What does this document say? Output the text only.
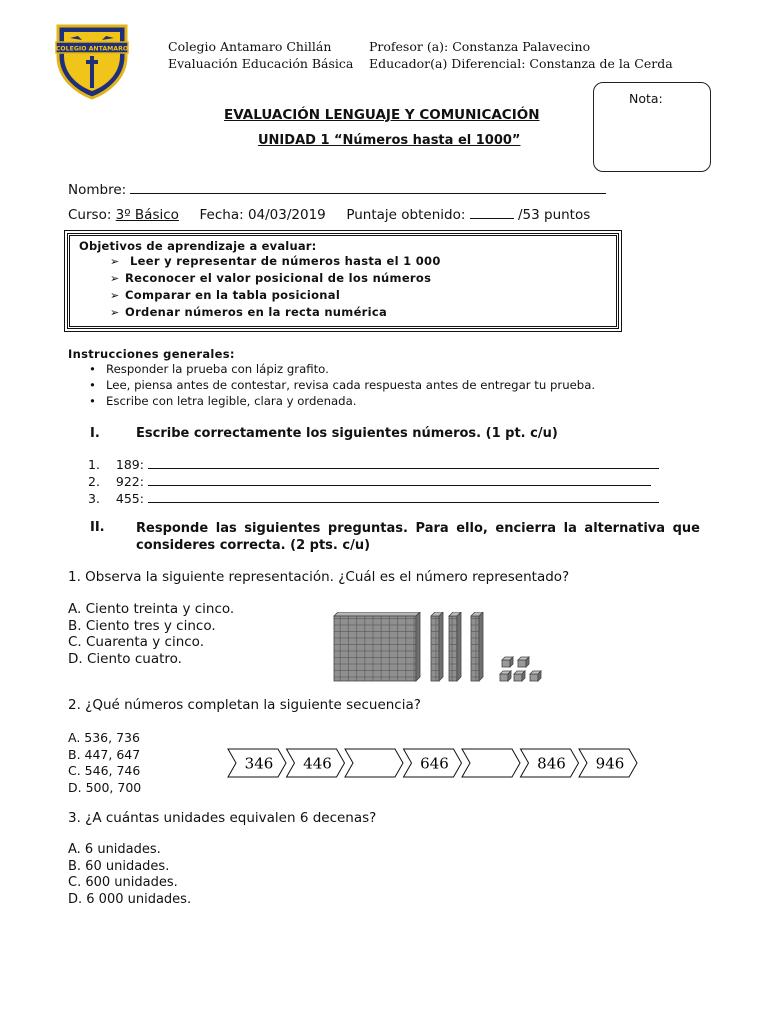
COLEGIO ANTAMARO	Colegio Antamaro Chillán
Evaluación Educación Básica
Profesor (a): Constanza Palavecino
Educador(a) Diferencial: Constanza de la Cerda
Nota:
EVALUACIÓN LENGUAJE Y COMUNICACIÓN
UNIDAD 1 “Números hasta el 1000”
Nombre:
Curso: 3º Básico Fecha: 04/03/2019 Puntaje obtenido:	/53 puntos
Objetivos de aprendizaje a evaluar:
➢ Leer y representar de números hasta el 1 000
➢ Reconocer el valor posicional de los números
➢ Comparar en la tabla posicional
➢ Ordenar números en la recta numérica
Instrucciones generales:
• Responder la prueba con lápiz grafito.
• Lee, piensa antes de contestar, revisa cada respuesta antes de entregar tu prueba.
• Escribe con letra legible, clara y ordenada.
I.	Escribe correctamente los siguientes números. (1 pt. c/u)
1. 189:
2. 922:
3. 455:
II. Responde las siguientes preguntas. Para ello, encierra la alternativa que
consideres correcta. (2 pts. c/u)
1. Observa la siguiente representación. ¿Cuál es el número representado?
A. Ciento treinta y cinco.
B. Ciento tres y cinco.
C. Cuarenta y cinco.
D. Ciento cuatro.
2. ¿Qué números completan la siguiente secuencia?
A. 536, 736
B. 447, 647
C. 546, 746
D. 500, 700
346 446	646	846 946
3. ¿A cuántas unidades equivalen 6 decenas?
A. 6 unidades.
B. 60 unidades.
C. 600 unidades.
D. 6 000 unidades.
